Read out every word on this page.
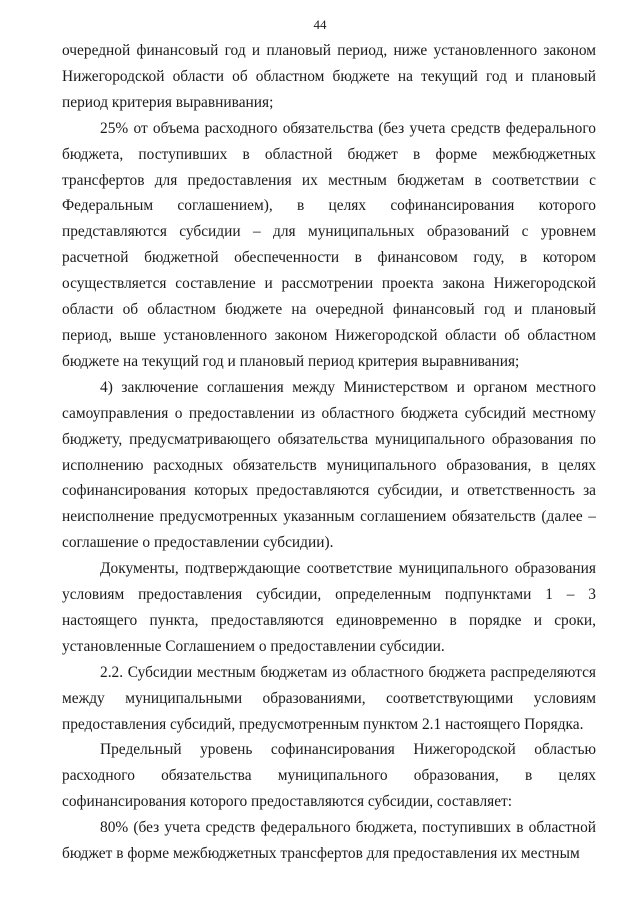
44

очередной финансовый год и плановый период, ниже установленного законом Нижегородской области об областном бюджете на текущий год и плановый период критерия выравнивания;

25% от объема расходного обязательства (без учета средств федерального бюджета, поступивших в областной бюджет в форме межбюджетных трансфертов для предоставления их местным бюджетам в соответствии с Федеральным соглашением), в целях софинансирования которого представляются субсидии – для муниципальных образований с уровнем расчетной бюджетной обеспеченности в финансовом году, в котором осуществляется составление и рассмотрении проекта закона Нижегородской области об областном бюджете на очередной финансовый год и плановый период, выше установленного законом Нижегородской области об областном бюджете на текущий год и плановый период критерия выравнивания;

4) заключение соглашения между Министерством и органом местного самоуправления о предоставлении из областного бюджета субсидий местному бюджету, предусматривающего обязательства муниципального образования по исполнению расходных обязательств муниципального образования, в целях софинансирования которых предоставляются субсидии, и ответственность за неисполнение предусмотренных указанным соглашением обязательств (далее – соглашение о предоставлении субсидии).

Документы, подтверждающие соответствие муниципального образования условиям предоставления субсидии, определенным подпунктами 1 – 3 настоящего пункта, предоставляются единовременно в порядке и сроки, установленные Соглашением о предоставлении субсидии.

2.2. Субсидии местным бюджетам из областного бюджета распределяются между муниципальными образованиями, соответствующими условиям предоставления субсидий, предусмотренным пунктом 2.1 настоящего Порядка.

Предельный уровень софинансирования Нижегородской областью расходного обязательства муниципального образования, в целях софинансирования которого предоставляются субсидии, составляет:

80% (без учета средств федерального бюджета, поступивших в областной бюджет в форме межбюджетных трансфертов для предоставления их местным
